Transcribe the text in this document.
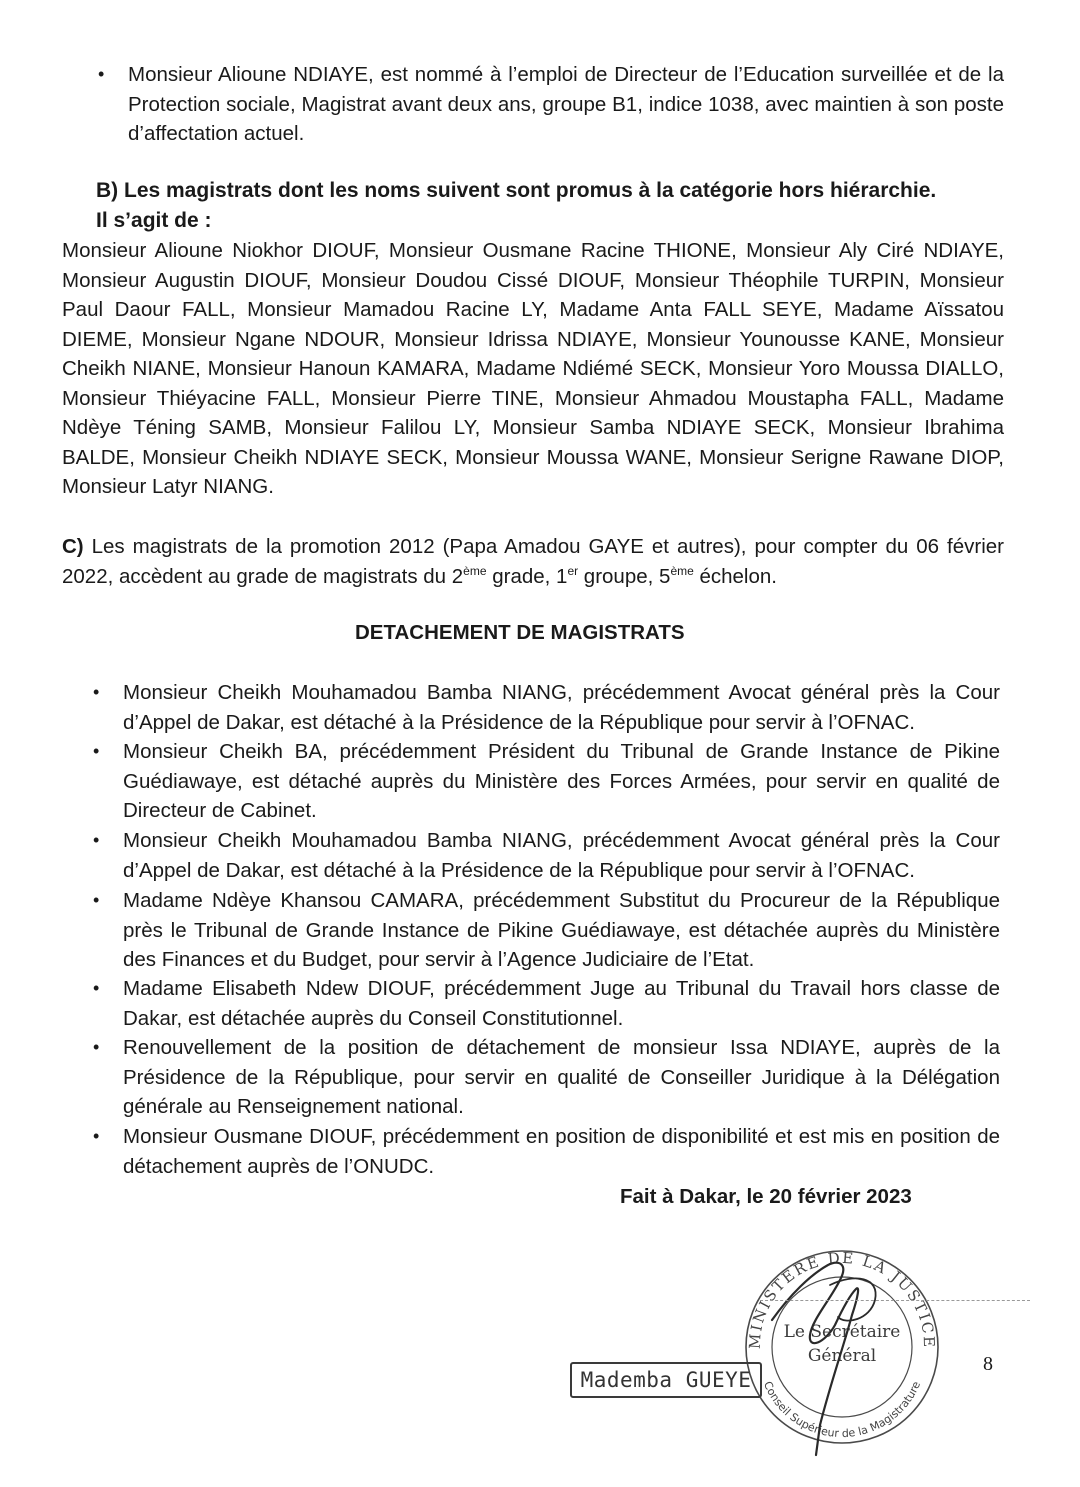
• Monsieur Alioune NDIAYE, est nommé à l’emploi de Directeur de l’Education surveillée et de la Protection sociale, Magistrat avant deux ans, groupe B1, indice 1038, avec maintien à son poste d’affectation actuel.
B) Les magistrats dont les noms suivent sont promus à la catégorie hors hiérarchie.
Il s’agit de :
Monsieur Alioune Niokhor DIOUF, Monsieur Ousmane Racine THIONE, Monsieur Aly Ciré NDIAYE, Monsieur Augustin DIOUF, Monsieur Doudou Cissé DIOUF, Monsieur Théophile TURPIN, Monsieur Paul Daour FALL, Monsieur Mamadou Racine LY, Madame Anta FALL SEYE, Madame Aïssatou DIEME, Monsieur Ngane NDOUR, Monsieur Idrissa NDIAYE, Monsieur Younousse KANE, Monsieur Cheikh NIANE, Monsieur Hanoun KAMARA, Madame Ndiémé SECK, Monsieur Yoro Moussa DIALLO, Monsieur Thiéyacine FALL, Monsieur Pierre TINE, Monsieur Ahmadou Moustapha FALL, Madame Ndèye Téning SAMB, Monsieur Falilou LY, Monsieur Samba NDIAYE SECK, Monsieur Ibrahima BALDE, Monsieur Cheikh NDIAYE SECK, Monsieur Moussa WANE, Monsieur Serigne Rawane DIOP, Monsieur Latyr NIANG.
C) Les magistrats de la promotion 2012 (Papa Amadou GAYE et autres), pour compter du 06 février 2022, accèdent au grade de magistrats du 2ème grade, 1er groupe, 5ème échelon.
DETACHEMENT DE MAGISTRATS
• Monsieur Cheikh Mouhamadou Bamba NIANG, précédemment Avocat général près la Cour d’Appel de Dakar, est détaché à la Présidence de la République pour servir à l’OFNAC.
• Monsieur Cheikh BA, précédemment Président du Tribunal de Grande Instance de Pikine Guédiawaye, est détaché auprès du Ministère des Forces Armées, pour servir en qualité de Directeur de Cabinet.
• Monsieur Cheikh Mouhamadou Bamba NIANG, précédemment Avocat général près la Cour d’Appel de Dakar, est détaché à la Présidence de la République pour servir à l’OFNAC.
• Madame Ndèye Khansou CAMARA, précédemment Substitut du Procureur de la République près le Tribunal de Grande Instance de Pikine Guédiawaye, est détachée auprès du Ministère des Finances et du Budget, pour servir à l’Agence Judiciaire de l’Etat.
• Madame Elisabeth Ndew DIOUF, précédemment Juge au Tribunal du Travail hors classe de Dakar, est détachée auprès du Conseil Constitutionnel.
• Renouvellement de la position de détachement de monsieur Issa NDIAYE, auprès de la Présidence de la République, pour servir en qualité de Conseiller Juridique à la Délégation générale au Renseignement national.
• Monsieur Ousmane DIOUF, précédemment en position de disponibilité et est mis en position de détachement auprès de l’ONUDC.
Fait à Dakar, le 20 février 2023
MINISTERE DE LA JUSTICE
Conseil Supérieur de la Magistrature
Le Secrétaire
Général
Mademba GUEYE
8
